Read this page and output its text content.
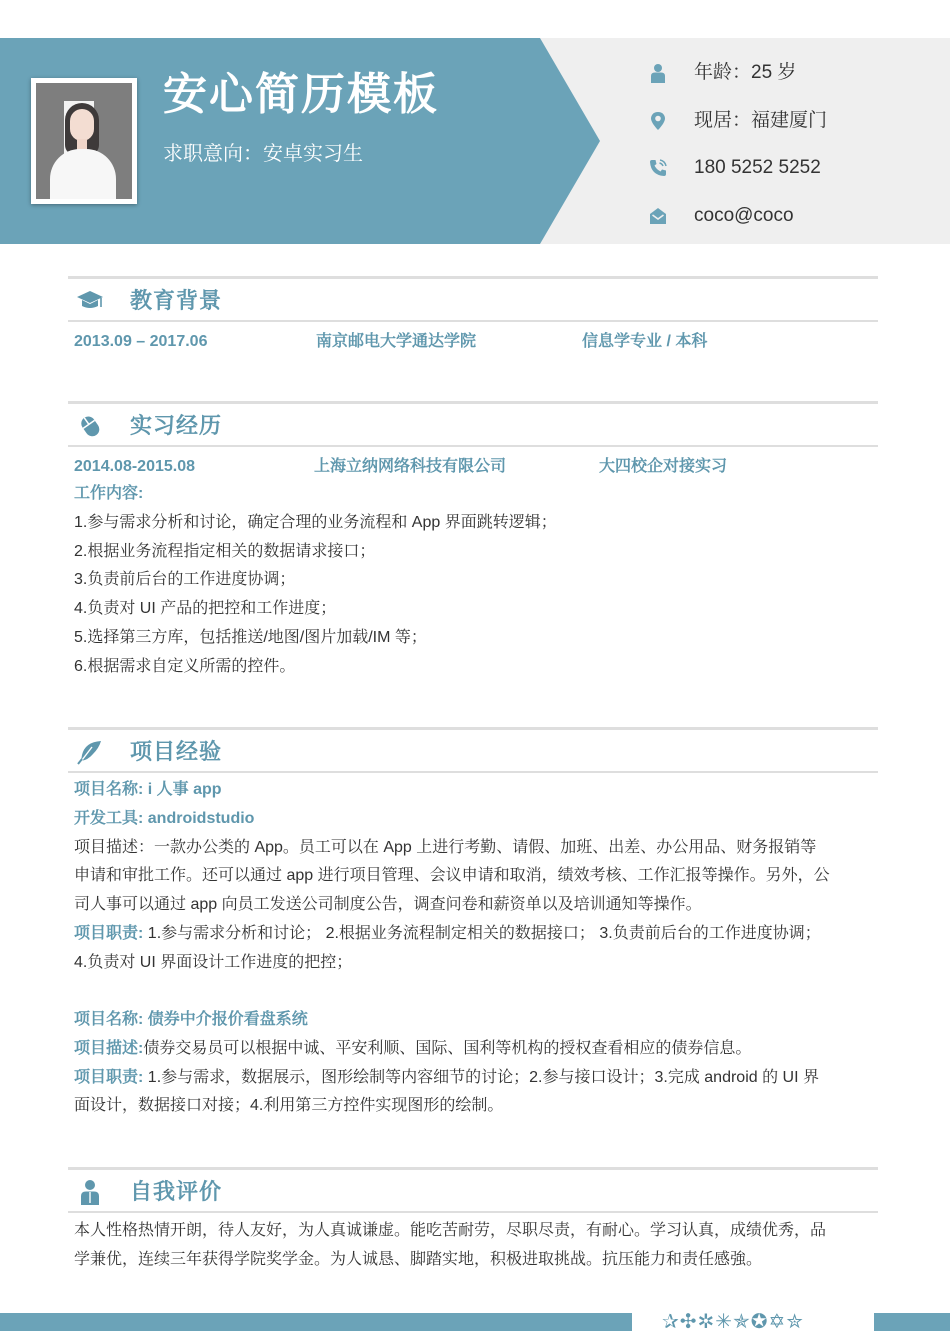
安心简历模板
求职意向：安卓实习生
年龄：25 岁
现居：福建厦门
180 5252 5252
coco@coco
教育背景
2013.09 – 2017.06	南京邮电大学通达学院	信息学专业 / 本科
实习经历
2014.08-2015.08	上海立纳网络科技有限公司	大四校企对接实习
工作内容:
1.参与需求分析和讨论，确定合理的业务流程和 App 界面跳转逻辑；
2.根据业务流程指定相关的数据请求接口；
3.负责前后台的工作进度协调；
4.负责对 UI 产品的把控和工作进度；
5.选择第三方库，包括推送/地图/图片加载/IM 等；
6.根据需求自定义所需的控件。
项目经验
项目名称: i 人事 app
开发工具: androidstudio
项目描述：一款办公类的 App。员工可以在 App 上进行考勤、请假、加班、出差、办公用品、财务报销等
申请和审批工作。还可以通过 app 进行项目管理、会议申请和取消，绩效考核、工作汇报等操作。另外，公
司人事可以通过 app 向员工发送公司制度公告，调查问卷和薪资单以及培训通知等操作。
项目职责: 1.参与需求分析和讨论； 2.根据业务流程制定相关的数据接口； 3.负责前后台的工作进度协调；
4.负责对 UI 界面设计工作进度的把控；
项目名称: 债券中介报价看盘系统
项目描述:债券交易员可以根据中诚、平安利顺、国际、国利等机构的授权查看相应的债券信息。
项目职责: 1.参与需求，数据展示，图形绘制等内容细节的讨论；2.参与接口设计；3.完成 android 的 UI 界
面设计，数据接口对接；4.利用第三方控件实现图形的绘制。
自我评价
本人性格热情开朗，待人友好，为人真诚谦虚。能吃苦耐劳，尽职尽责，有耐心。学习认真，成绩优秀，品
学兼优，连续三年获得学院奖学金。为人诚恳、脚踏实地，积极进取挑战。抗压能力和责任感強。
✰✣✲✳✯✪✡✮
